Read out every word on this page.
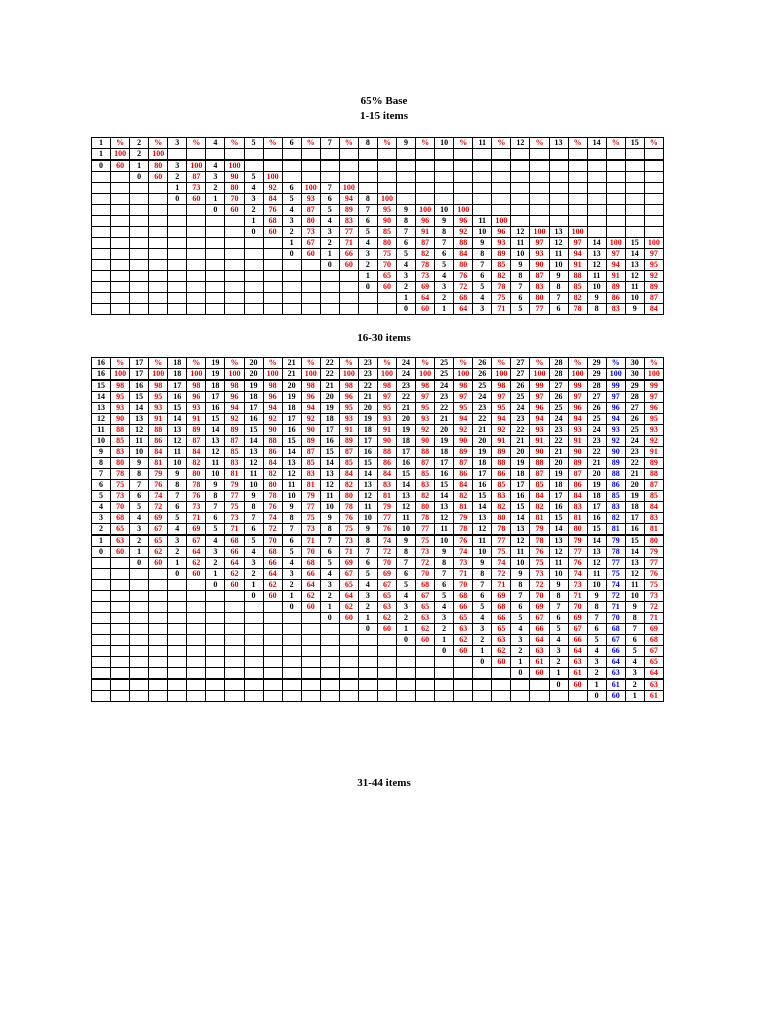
65% Base
1-15 items
1	%	2	%	3	%	4	%	5	%	6	%	7	%	8	%	9	%	10	%	11	%	12	%	13	%	14	%	15	%
1	100	2	100																										
0	60	1	80	3	100	4	100																						
		0	60	2	87	3	90	5	100																				
				1	73	2	80	4	92	6	100	7	100																
				0	60	1	70	3	84	5	93	6	94	8	100														
						0	60	2	76	4	87	5	89	7	95	9	100	10	100										
								1	68	3	80	4	83	6	90	8	96	9	96	11	100								
								0	60	2	73	3	77	5	85	7	91	8	92	10	96	12	100	13	100				
										1	67	2	71	4	80	6	87	7	88	9	93	11	97	12	97	14	100	15	100
										0	60	1	66	3	75	5	82	6	84	8	89	10	93	11	94	13	97	14	97
												0	60	2	70	4	78	5	80	7	85	9	90	10	91	12	94	13	95
														1	65	3	73	4	76	6	82	8	87	9	88	11	91	12	92
														0	60	2	69	3	72	5	78	7	83	8	85	10	89	11	89
																1	64	2	68	4	75	6	80	7	82	9	86	10	87
																0	60	1	64	3	71	5	77	6	78	8	83	9	84
16-30 items
16	%	17	%	18	%	19	%	20	%	21	%	22	%	23	%	24	%	25	%	26	%	27	%	28	%	29	%	30	%
16	100	17	100	18	100	19	100	20	100	21	100	22	100	23	100	24	100	25	100	26	100	27	100	28	100	29	100	30	100
15	98	16	98	17	98	18	98	19	98	20	98	21	98	22	98	23	98	24	98	25	98	26	99	27	99	28	99	29	99
14	95	15	95	16	96	17	96	18	96	19	96	20	96	21	97	22	97	23	97	24	97	25	97	26	97	27	97	28	97
13	93	14	93	15	93	16	94	17	94	18	94	19	95	20	95	21	95	22	95	23	95	24	96	25	96	26	96	27	96
12	90	13	91	14	91	15	92	16	92	17	92	18	93	19	93	20	93	21	94	22	94	23	94	24	94	25	94	26	95
11	88	12	88	13	89	14	89	15	90	16	90	17	91	18	91	19	92	20	92	21	92	22	93	23	93	24	93	25	93
10	85	11	86	12	87	13	87	14	88	15	89	16	89	17	90	18	90	19	90	20	91	21	91	22	91	23	92	24	92
9	83	10	84	11	84	12	85	13	86	14	87	15	87	16	88	17	88	18	89	19	89	20	90	21	90	22	90	23	91
8	80	9	81	10	82	11	83	12	84	13	85	14	85	15	86	16	87	17	87	18	88	19	88	20	89	21	89	22	89
7	78	8	79	9	80	10	81	11	82	12	83	13	84	14	84	15	85	16	86	17	86	18	87	19	87	20	88	21	88
6	75	7	76	8	78	9	79	10	80	11	81	12	82	13	83	14	83	15	84	16	85	17	85	18	86	19	86	20	87
5	73	6	74	7	76	8	77	9	78	10	79	11	80	12	81	13	82	14	82	15	83	16	84	17	84	18	85	19	85
4	70	5	72	6	73	7	75	8	76	9	77	10	78	11	79	12	80	13	81	14	82	15	82	16	83	17	83	18	84
3	68	4	69	5	71	6	73	7	74	8	75	9	76	10	77	11	78	12	79	13	80	14	81	15	81	16	82	17	83
2	65	3	67	4	69	5	71	6	72	7	73	8	75	9	76	10	77	11	78	12	78	13	79	14	80	15	81	16	81
1	63	2	65	3	67	4	68	5	70	6	71	7	73	8	74	9	75	10	76	11	77	12	78	13	79	14	79	15	80
0	60	1	62	2	64	3	66	4	68	5	70	6	71	7	72	8	73	9	74	10	75	11	76	12	77	13	78	14	79
		0	60	1	62	2	64	3	66	4	68	5	69	6	70	7	72	8	73	9	74	10	75	11	76	12	77	13	77
				0	60	1	62	2	64	3	66	4	67	5	69	6	70	7	71	8	72	9	73	10	74	11	75	12	76
						0	60	1	62	2	64	3	65	4	67	5	68	6	70	7	71	8	72	9	73	10	74	11	75
								0	60	1	62	2	64	3	65	4	67	5	68	6	69	7	70	8	71	9	72	10	73
										0	60	1	62	2	63	3	65	4	66	5	68	6	69	7	70	8	71	9	72
												0	60	1	62	2	63	3	65	4	66	5	67	6	69	7	70	8	71
														0	60	1	62	2	63	3	65	4	66	5	67	6	68	7	69
																0	60	1	62	2	63	3	64	4	66	5	67	6	68
																		0	60	1	62	2	63	3	64	4	66	5	67
																				0	60	1	61	2	63	3	64	4	65
																						0	60	1	61	2	63	3	64
																								0	60	1	61	2	63
																										0	60	1	61
31-44 items
